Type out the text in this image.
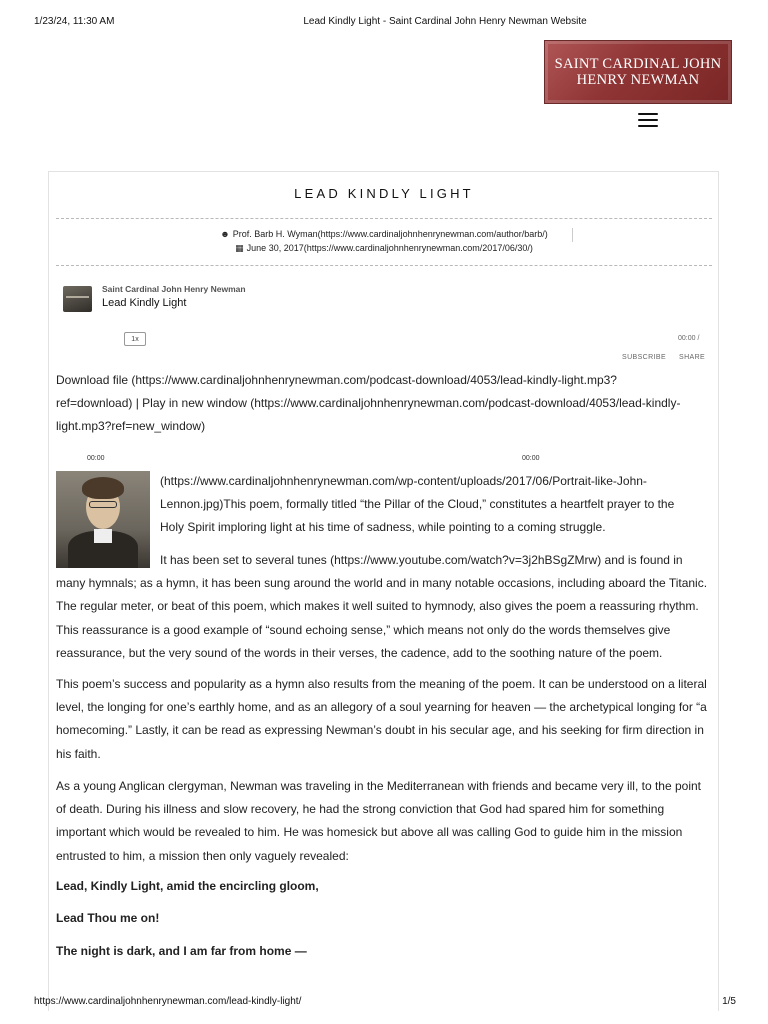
1/23/24, 11:30 AM	Lead Kindly Light - Saint Cardinal John Henry Newman Website
SAINT CARDINAL JOHN
HENRY NEWMAN
LEAD KINDLY LIGHT
☻ Prof. Barb H. Wyman(https://www.cardinaljohnhenrynewman.com/author/barb/)
▦ June 30, 2017(https://www.cardinaljohnhenrynewman.com/2017/06/30/)
Saint Cardinal John Henry Newman
Lead Kindly Light
1x	00:00 /
SUBSCRIBE SHARE

Download file (https://www.cardinaljohnhenrynewman.com/podcast-download/4053/lead-kindly-light.mp3?
ref=download) | Play in new window (https://www.cardinaljohnhenrynewman.com/podcast-download/4053/lead-kindly-
light.mp3?ref=new_window)

00:00	00:00

(https://www.cardinaljohnhenrynewman.com/wp-content/uploads/2017/06/Portrait-like-John-
Lennon.jpg)This poem, formally titled “the Pillar of the Cloud,” constitutes a heartfelt prayer to the
Holy Spirit imploring light at his time of sadness, while pointing to a coming struggle.

It has been set to several tunes (https://www.youtube.com/watch?v=3j2hBSgZMrw) and is found in
many hymnals; as a hymn, it has been sung around the world and in many notable occasions, including aboard the Titanic. The regular meter, or beat of this poem, which makes it well suited to hymnody, also gives the poem a reassuring rhythm. This reassurance is a good example of “sound echoing sense,” which means not only do the words themselves give reassurance, but the very sound of the words in their verses, the cadence, add to the soothing nature of the poem.

This poem’s success and popularity as a hymn also results from the meaning of the poem. It can be understood on a literal level, the longing for one’s earthly home, and as an allegory of a soul yearning for heaven — the archetypical longing for “a homecoming.” Lastly, it can be read as expressing Newman’s doubt in his secular age, and his seeking for firm direction in his faith.

As a young Anglican clergyman, Newman was traveling in the Mediterranean with friends and became very ill, to the point of death. During his illness and slow recovery, he had the strong conviction that God had spared him for something important which would be revealed to him. He was homesick but above all was calling God to guide him in the mission entrusted to him, a mission then only vaguely revealed:

Lead, Kindly Light, amid the encircling gloom,

Lead Thou me on!

The night is dark, and I am far from home —

https://www.cardinaljohnhenrynewman.com/lead-kindly-light/	1/5
